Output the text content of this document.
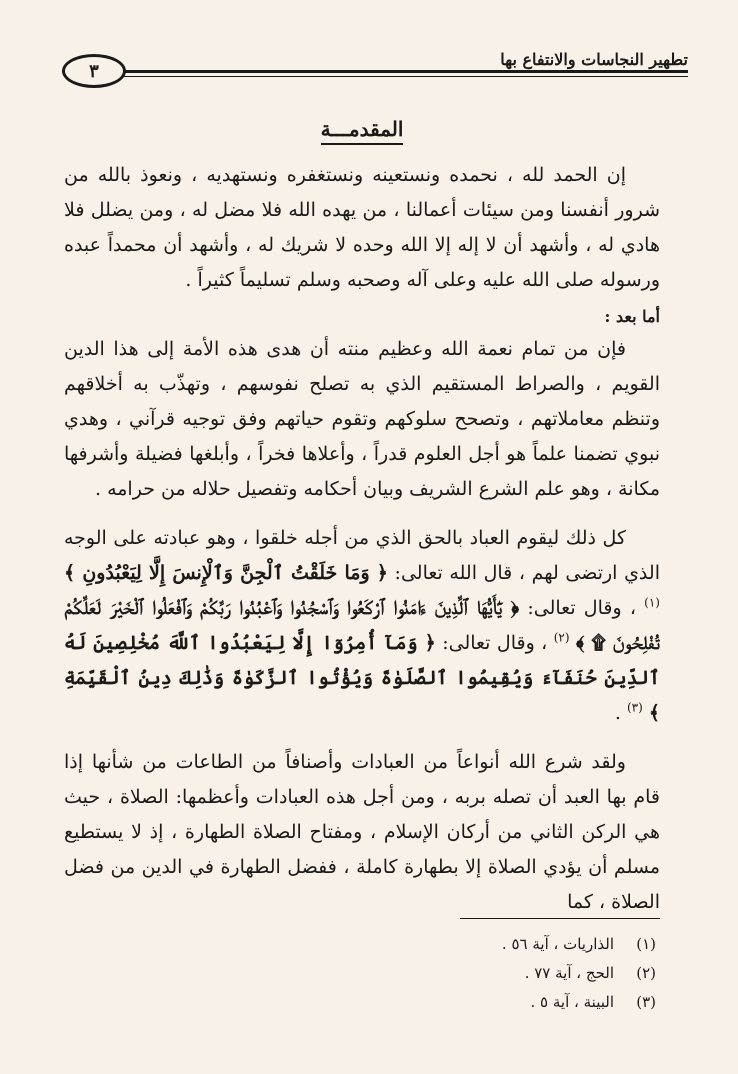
٣
تطهير النجاسات والانتفاع بها
المقدمـــة

إن الحمد لله ، نحمده ونستعينه ونستغفره ونستهديه ، ونعوذ بالله من شرور أنفسنا ومن سيئات أعمالنا ، من يهده الله فلا مضل له ، ومن يضلل فلا هادي له ، وأشهد أن لا إله إلا الله وحده لا شريك له ، وأشهد أن محمداً عبده ورسوله صلى الله عليه وعلى آله وصحبه وسلم تسليماً كثيراً .

أما بعد :

فإن من تمام نعمة الله وعظيم منته أن هدى هذه الأمة إلى هذا الدين القويم ، والصراط المستقيم الذي به تصلح نفوسهم ، وتهذّب به أخلاقهم وتنظم معاملاتهم ، وتصحح سلوكهم وتقوم حياتهم وفق توجيه قرآني ، وهدي نبوي تضمنا علماً هو أجل العلوم قدراً ، وأعلاها فخراً ، وأبلغها فضيلة وأشرفها مكانة ، وهو علم الشرع الشريف وبيان أحكامه وتفصيل حلاله من حرامه .

كل ذلك ليقوم العباد بالحق الذي من أجله خلقوا ، وهو عبادته على الوجه الذي ارتضى لهم ، قال الله تعالى: ﴿ وَمَا خَلَقْتُ ٱلْجِنَّ وَٱلْإِنسَ إِلَّا لِيَعْبُدُونِ ﴾ $^{(١)}$ ، وقال تعالى: ﴿ يَٰٓأَيُّهَا ٱلَّذِينَ ءَامَنُوا ٱرْكَعُوا وَٱسْجُدُوا وَٱعْبُدُوا رَبَّكُمْ وَٱفْعَلُوا ٱلْخَيْرَ لَعَلَّكُمْ تُفْلِحُونَ ۩ ﴾ $^{(٢)}$ ، وقال تعالى: ﴿ وَمَآ أُمِرُوٓا إِلَّا لِيَعْبُدُوا ٱللَّهَ مُخْلِصِينَ لَهُ ٱلدِّينَ حُنَفَآءَ وَيُقِيمُوا ٱلصَّلَوٰةَ وَيُؤْتُوا ٱلزَّكَوٰةَ وَذَٰلِكَ دِينُ ٱلْقَيِّمَةِ ﴾ $^{(٣)}$ .

ولقد شرع الله أنواعاً من العبادات وأصنافاً من الطاعات من شأنها إذا قام بها العبد أن تصله بربه ، ومن أجل هذه العبادات وأعظمها: الصلاة ، حيث هي الركن الثاني من أركان الإسلام ، ومفتاح الصلاة الطهارة ، إذ لا يستطيع مسلم أن يؤدي الصلاة إلا بطهارة كاملة ، ففضل الطهارة في الدين من فضل الصلاة ، كما

(١)
الذاريات ، آية ٥٦ .
(٢)
الحج ، آية ٧٧ .
(٣)
البينة ، آية ٥ .
